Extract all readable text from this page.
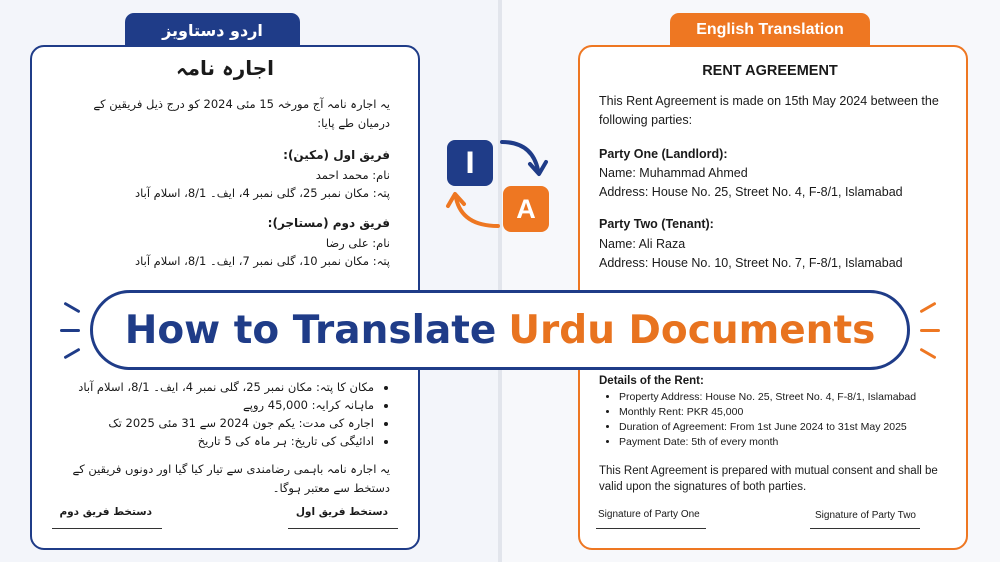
اردو دستاویز
اجارہ نامہ
یہ اجارہ نامہ آج مورخہ 15 مئی 2024 کو درج ذیل فریقین کے درمیان طے پایا:
فریق اول (مکین):
نام: محمد احمد
پتہ: مکان نمبر 25، گلی نمبر 4، ایف۔ 8/1، اسلام آباد
فریق دوم (مستاجر):
نام: علی رضا
پتہ: مکان نمبر 10، گلی نمبر 7، ایف۔ 8/1، اسلام آباد
• مکان کا پتہ: مکان نمبر 25، گلی نمبر 4، ایف۔ 8/1، اسلام آباد
• ماہانہ کرایہ: 45,000 روپے
• اجارہ کی مدت: یکم جون 2024 سے 31 مئی 2025 تک
• ادائیگی کی تاریخ: ہر ماہ کی 5 تاریخ
یہ اجارہ نامہ باہمی رضامندی سے تیار کیا گیا اور دونوں فریقین کے دستخط سے معتبر ہوگا۔
دستخط فریق اول
دستخط فریق دوم
English Translation
RENT AGREEMENT
This Rent Agreement is made on 15th May 2024 between the following parties:
Party One (Landlord):
Name: Muhammad Ahmed
Address: House No. 25, Street No. 4, F-8/1, Islamabad
Party Two (Tenant):
Name: Ali Raza
Address: House No. 10, Street No. 7, F-8/1, Islamabad
Details of the Rent:
• Property Address: House No. 25, Street No. 4, F-8/1, Islamabad
• Monthly Rent: PKR 45,000
• Duration of Agreement: From 1st June 2024 to 31st May 2025
• Payment Date: 5th of every month
This Rent Agreement is prepared with mutual consent and shall be valid upon the signatures of both parties.
Signature of Party One	Signature of Party Two
ا
A
How to Translate Urdu Documents
